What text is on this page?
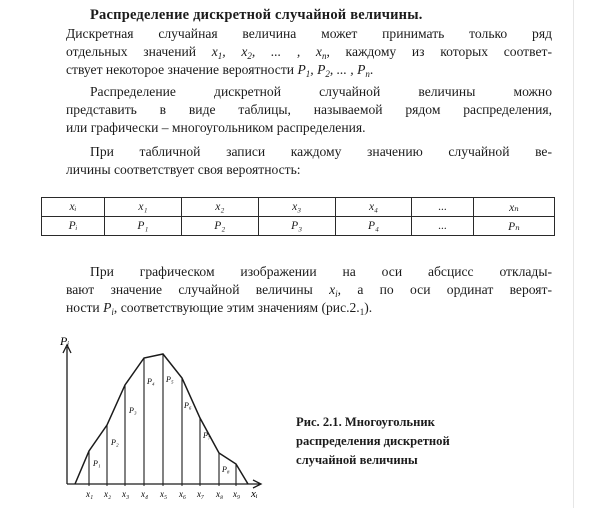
Распределение дискретной случайной величины.
Дискретная случайная величина может принимать только ряд
отдельных значений $x_1$, $x_2$, ... , $x_n$, каждому из которых соответ-
ствует некоторое значение вероятности $P_1$, $P_2$, ... , $P_n$.
Распределение дискретной случайной величины можно
представить в виде таблицы, называемой рядом распределения,
или графически – многоугольником распределения.
При табличной записи каждому значению случайной ве-
личины соответствует своя вероятность:
xᵢ	x₁	x₂	x₃	x₄	...	xₙ
Pᵢ	P₁	P₂	P₃	P₄	...	Pₙ
При графическом изображении на оси абсцисс отклады-
вают значение случайной величины $x_i$, а по оси ординат вероят-
ности $P_i$, соответствующие этим значениям $(рис.2._1)$.
Pᵢ
xᵢ
x₁ x₂ x₃ x₄ x₅ x₆ x₇ x₈ x₉
P₁
P₂
P₃
P₄ P₅
P₆
P₇
P₈
Рис. 2.1. Многоугольник
распределения дискретной
случайной величины
